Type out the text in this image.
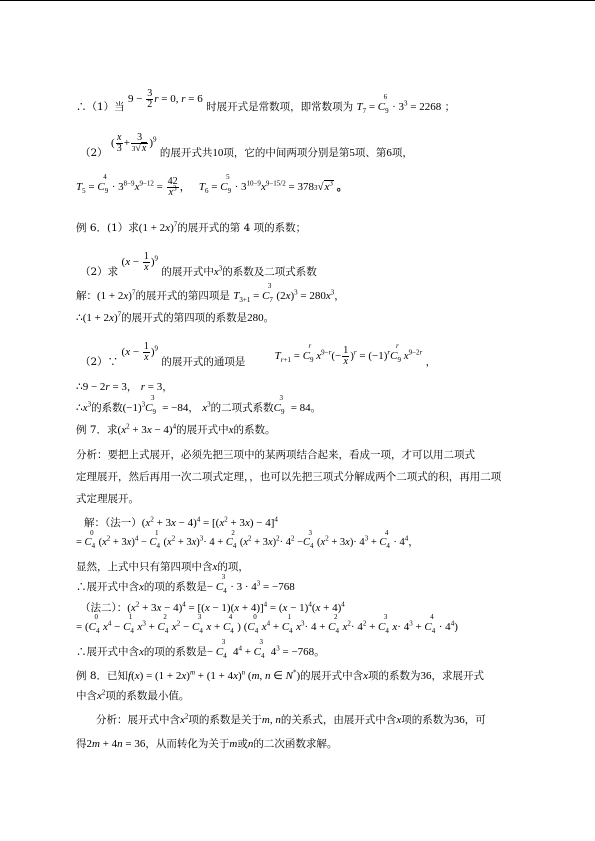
∴（1）当 $9 - \frac{3}{2}$ r = 0, r = 6 时展开式是常数项，即常数项为 $T_7 = C_9^6\cdot 3^3 = 2268$ ；
（2） ( $\frac{x}{3} + \frac{3}{3√x} )^9$ 的展开式共10项，它的中间两项分别是第5项、第6项，
$T_5 = C_9^4\cdot 3^{8-9}x^{9-12} = \frac{42}{x^3}$ ， $T_6 = C_9^5\cdot 3^{10-9}x^{9-15/2} = 3783√x^3$ 。
例 6．(1）求$(1 + 2x)^7$的展开式的第 4 项的系数；
（2）求 $(x - \frac{1}{x} )^9$ 的展开式中$x^3$的系数及二项式系数
解：$(1 + 2x)^7$的展开式的第四项是 $T_{3+1} = C_7^3(2x)^3 = 280x^3$，
∴(1 + 2x)$^7$的展开式的第四项的系数是280。
（2）∵ $(x - \frac{1}{x} )^9$ 的展开式的通项是	$T_{r+1} = C_9^rx^{9-r}(- \frac{1}{x} )^r = (-1)^rC_9^rx^{9-2r}$ ，
∴9 − 2r = 3， r = 3，
$\therefore x^3$的系数$(-1)^3C_9^3 = -84$， $x^3$的二项式系数$C_9^3 = 84$。
例 7．求$(x^2 + 3x - 4)^4$的展开式中x的系数。
分析：要把上式展开，必须先把三项中的某两项结合起来，看成一项，才可以用二项式
定理展开，然后再用一次二项式定理，，也可以先把三项式分解成两个二项式的积，再用二项
式定理展开。
解：（法一）$(x^2 + 3x - 4)^4 = [(x^2 + 3x) - 4]^4$
= $C_4^0(x^2 + 3x)^4 - C_4^1(x^2 + 3x)^3\cdot 4 + C_4^2(x^2 + 3x)^2\cdot 4^2 -C_4^3(x^2 + 3x)\cdot 4^3 + C_4^4\cdot 4^4$，
显然，上式中只有第四项中含x的项，
∴展开式中含x的项的系数是− $C_4^3\cdot 3 \cdot 4^3 = -768$
（法二）：$(x^2 + 3x - 4)^4 = [(x - 1)(x + 4)]^4 = (x - 1)^4(x + 4)^4$
= $(C_4^0x^4 - C_4^1x^3 + C_4^2x^2 - C_4^3x + C_4^4) (C_4^0x^4 + C_4^1x^3\cdot 4 + C_4^2x^2\cdot 4^2 + C_4^3x\cdot 4^3 + C_4^4\cdot 4^4)$
∴展开式中含x的项的系数是− $C_4^3$ $4^4 + C_4^3$ $4^3 = -768$。
例 8．已知$f(x) = (1 + 2x)^m + (1 + 4x)^n$ (m, n ∈ N*)的展开式中含x项的系数为36，求展开式
中含$x^2$项的系数最小值。
分析：展开式中含$x^2$项的系数是关于m, n的关系式，由展开式中含x项的系数为36，可
得2m + 4n = 36，从而转化为关于m或n的二次函数求解。
